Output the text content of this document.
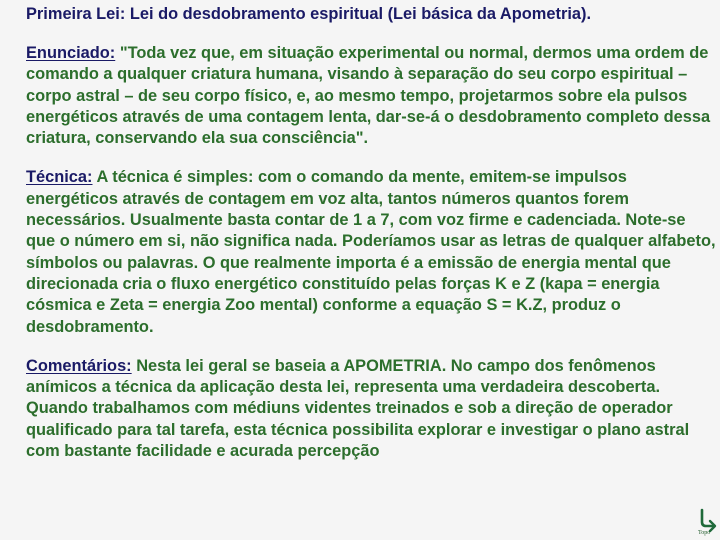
Primeira Lei: Lei do desdobramento espiritual (Lei básica da Apometria).
Enunciado: "Toda vez que, em situação experimental ou normal, dermos uma ordem de comando a qualquer criatura humana, visando à separação do seu corpo espiritual – corpo astral – de seu corpo físico, e, ao mesmo tempo, projetarmos sobre ela pulsos energéticos através de uma contagem lenta, dar-se-á o desdobramento completo dessa criatura, conservando ela sua consciência".
Técnica: A técnica é simples: com o comando da mente, emitem-se impulsos energéticos através de contagem em voz alta, tantos números quantos forem necessários. Usualmente basta contar de 1 a 7, com voz firme e cadenciada. Note-se que o número em si, não significa nada. Poderíamos usar as letras de qualquer alfabeto, símbolos ou palavras. O que realmente importa é a emissão de energia mental que direcionada cria o fluxo energético constituído pelas forças K e Z (kapa = energia cósmica e Zeta = energia Zoo mental) conforme a equação S = K.Z, produz o desdobramento.
Comentários: Nesta lei geral se baseia a APOMETRIA. No campo dos fenômenos anímicos a técnica da aplicação desta lei, representa uma verdadeira descoberta. Quando trabalhamos com médiuns videntes treinados e sob a direção de operador qualificado para tal tarefa, esta técnica possibilita explorar e investigar o plano astral com bastante facilidade e acurada percepção
Topo
